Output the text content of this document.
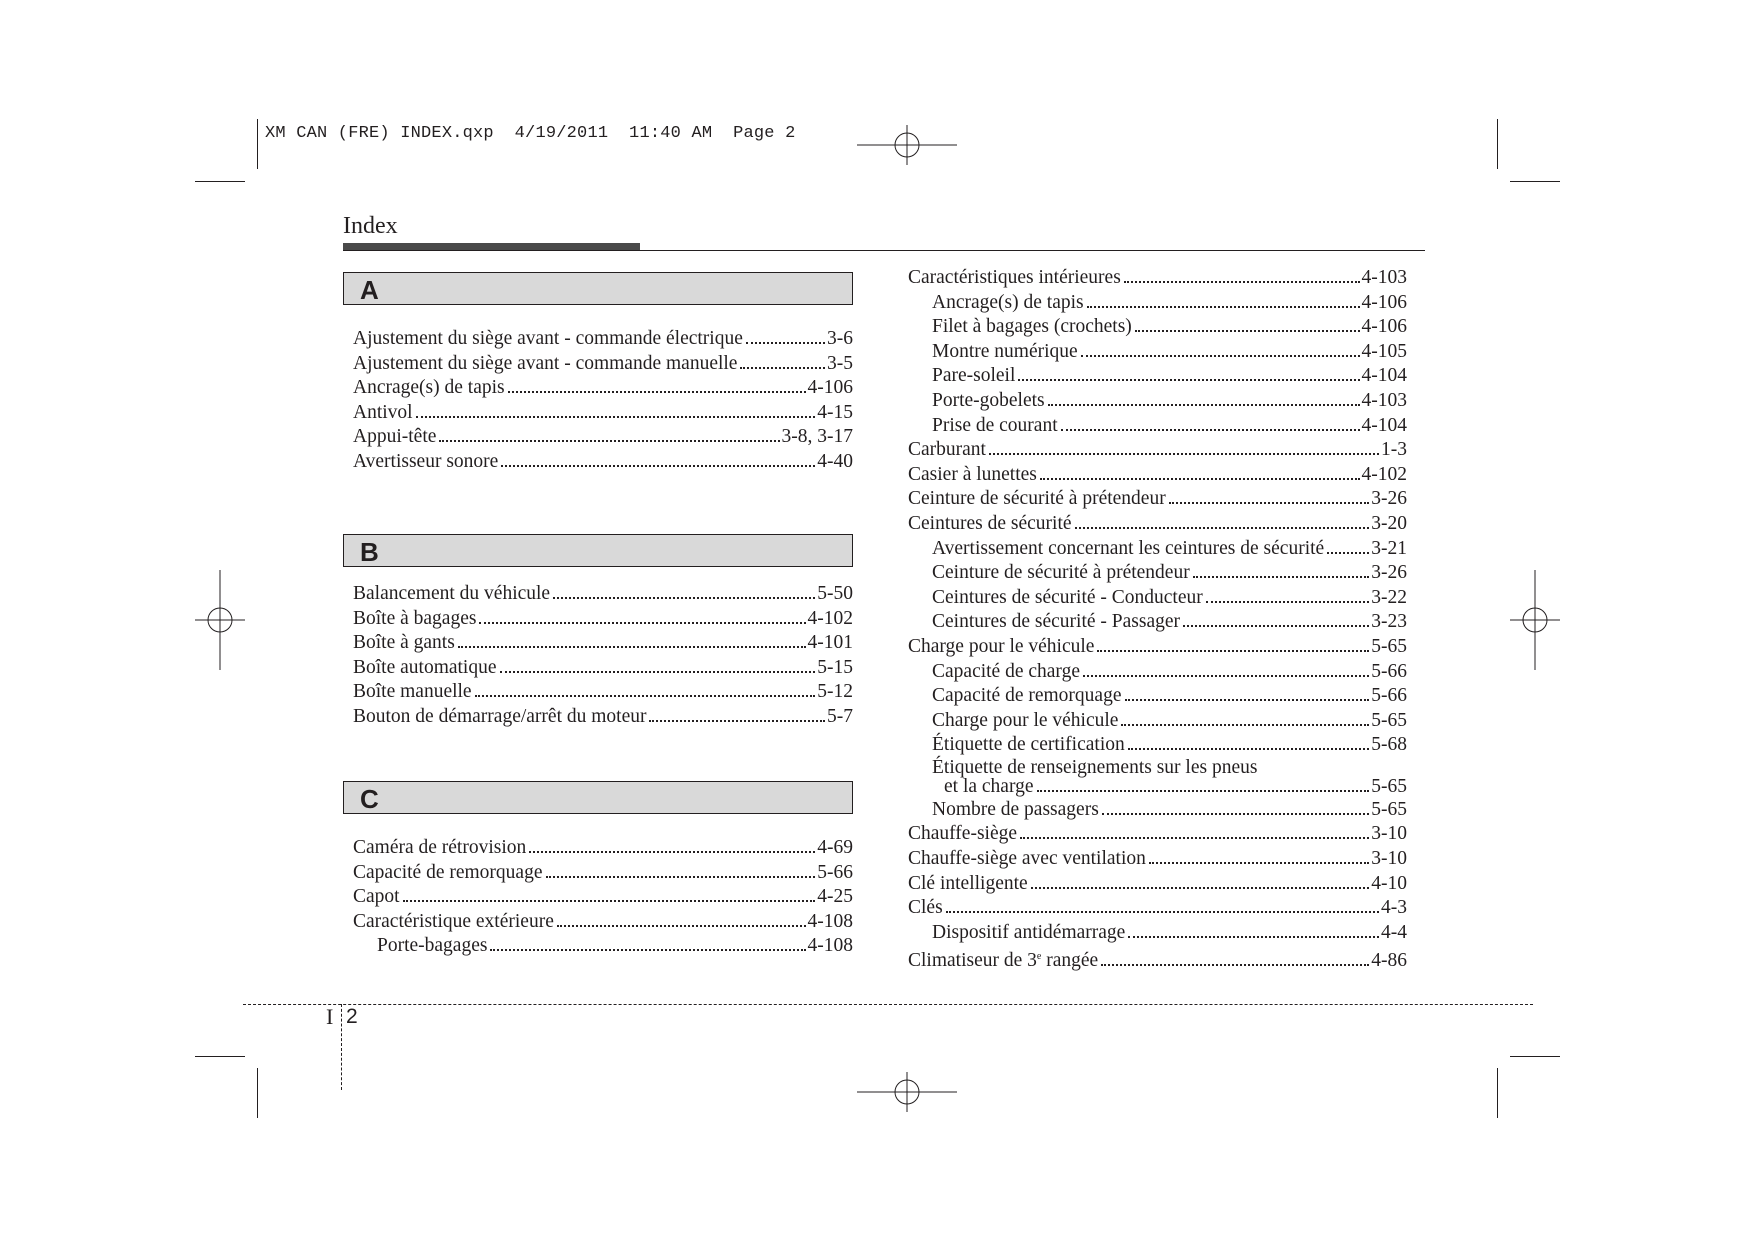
XM CAN (FRE) INDEX.qxp  4/19/2011  11:40 AM  Page 2
Index
A
Ajustement du siège avant - commande électrique	3-6
Ajustement du siège avant - commande manuelle	3-5
Ancrage(s) de tapis	4-106
Antivol	4-15
Appui-tête	3-8, 3-17
Avertisseur sonore	4-40
B
Balancement du véhicule	5-50
Boîte à bagages	4-102
Boîte à gants	4-101
Boîte automatique	5-15
Boîte manuelle	5-12
Bouton de démarrage/arrêt du moteur	5-7
C
Caméra de rétrovision	4-69
Capacité de remorquage	5-66
Capot	4-25
Caractéristique extérieure	4-108
Porte-bagages	4-108
Caractéristiques intérieures	4-103
Ancrage(s) de tapis	4-106
Filet à bagages (crochets)	4-106
Montre numérique	4-105
Pare-soleil	4-104
Porte-gobelets	4-103
Prise de courant	4-104
Carburant	1-3
Casier à lunettes	4-102
Ceinture de sécurité à prétendeur	3-26
Ceintures de sécurité	3-20
Avertissement concernant les ceintures de sécurité 3-21
Ceinture de sécurité à prétendeur	3-26
Ceintures de sécurité - Conducteur	3-22
Ceintures de sécurité - Passager	3-23
Charge pour le véhicule	5-65
Capacité de charge	5-66
Capacité de remorquage	5-66
Charge pour le véhicule	5-65
Étiquette de certification	5-68
Étiquette de renseignements sur les pneus
et la charge	5-65
Nombre de passagers	5-65
Chauffe-siège	3-10
Chauffe-siège avec ventilation	3-10
Clé intelligente	4-10
Clés	4-3
Dispositif antidémarrage	4-4
Climatiseur de 3e rangée	4-86
I 2
